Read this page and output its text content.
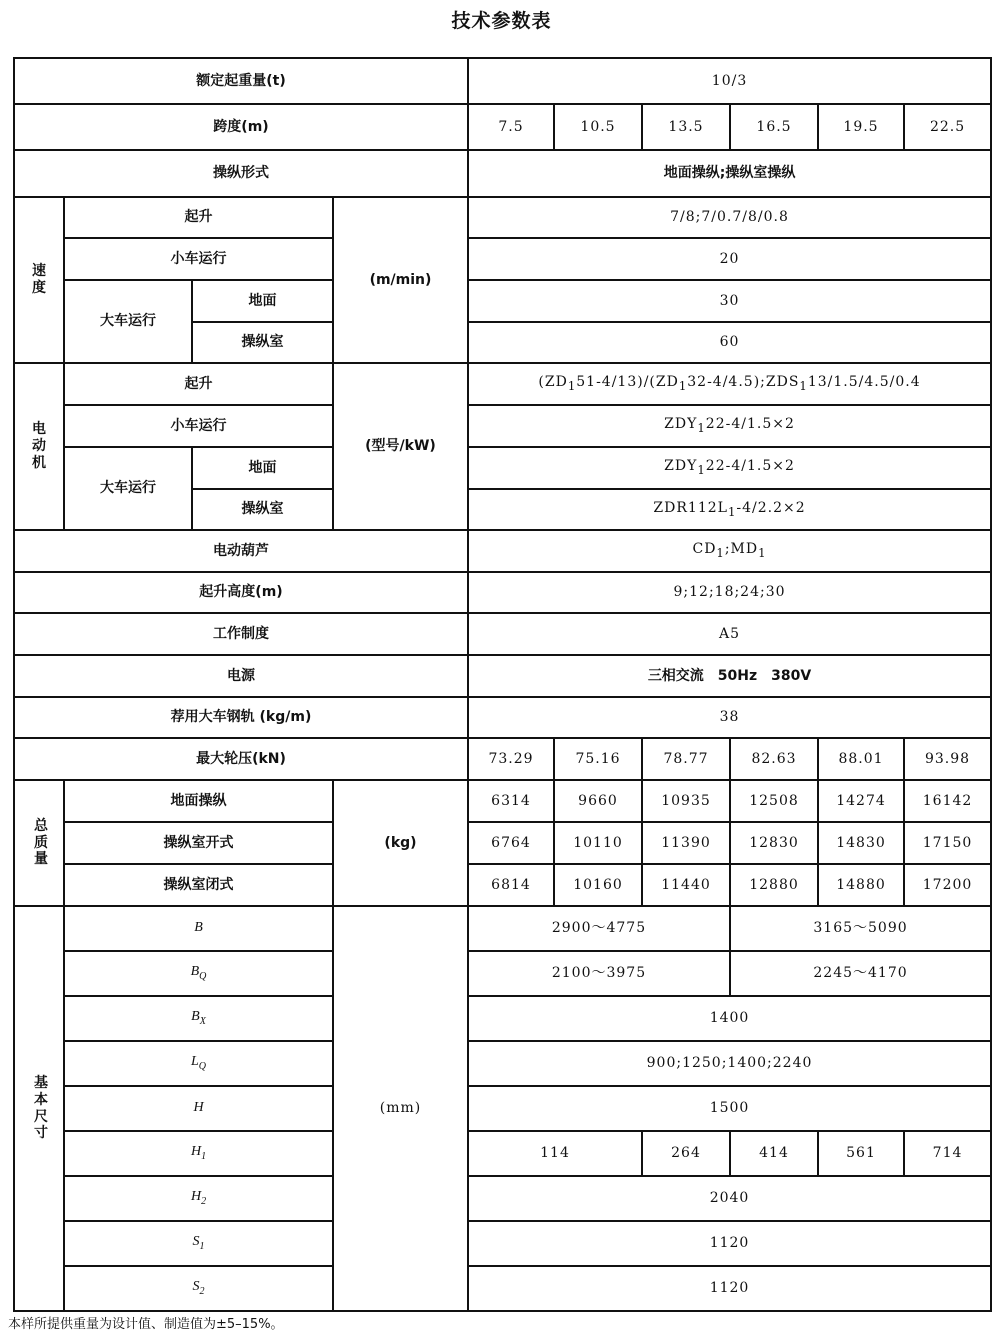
技术参数表
额定起重量(t)				10/3					
跨度(m)				7.5	10.5	13.5	16.5	19.5	22.5
操纵形式				地面操纵;操纵室操纵					
速度	起升		(m/min)	7/8;7/0.7/8/0.8					
	小车运行			20					
	大车运行	地面		30					
		操纵室		60					
电动机	起升		(型号/kW)	$(ZD_151-4/13)/(ZD_132-4/4.5);ZDS_113/1.5/4.5/0.4$					
	小车运行			$ZDY_122-4/1.5\times 2$					
	大车运行	地面		$ZDY_122-4/1.5\times 2$					
		操纵室		$ZDR112L_1-4/2.2\times 2$					
电动葫芦				$CD_1;MD_1$
起升高度(m)				9;12;18;24;30					
工作制度				A5					
电源				三相交流　50Hz　380V					
荐用大车钢轨 (kg/m)				38					
最大轮压(kN)				73.29	75.16	78.77	82.63	88.01	93.98
总质量	地面操纵		(kg)	6314	9660	10935	12508	14274	16142
	操纵室开式			6764	10110	11390	12830	14830	17150
	操纵室闭式			6814	10160	11440	12880	14880	17200
基本尺寸	B		(mm)	2900～4775			3165～5090		
	$B_Q$			2100～3975			2245～4170		
	$B_X$			1400					
	$L_Q$			900;1250;1400;2240					
	H			1500					
	$H_1$			114		264	414	561	714
	$H_2$			2040					
	$S_1$			1120					
	$S_2$			1120					
本样所提供重量为设计值、制造值为±5–15%。
